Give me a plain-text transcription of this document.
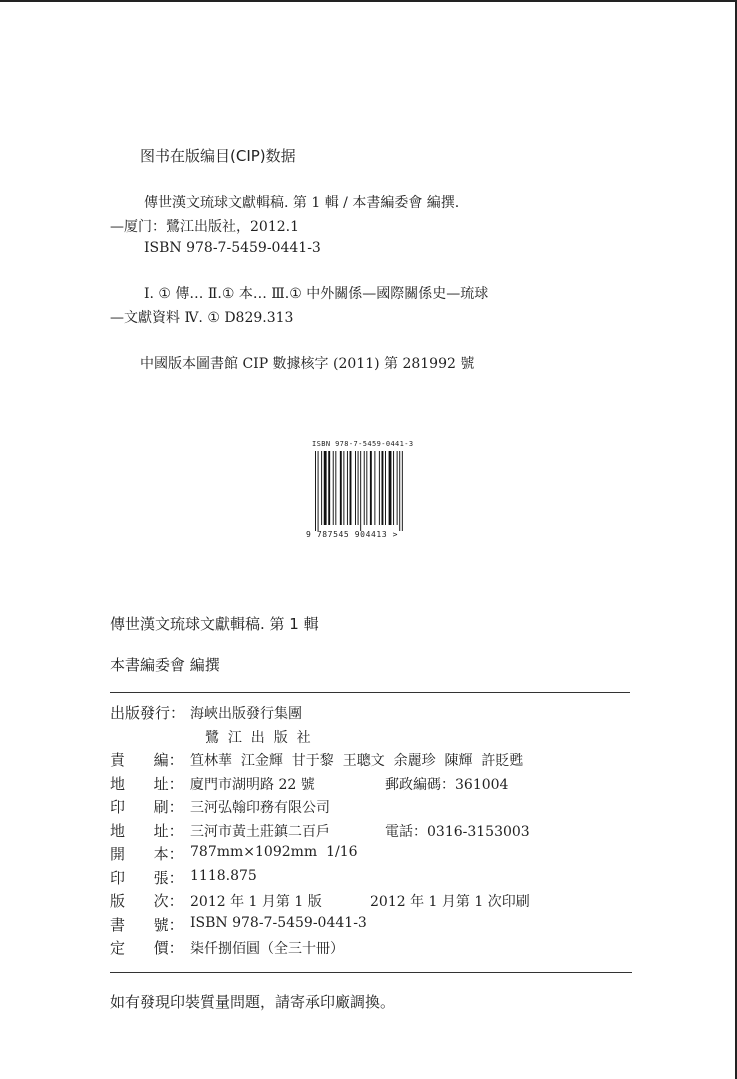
图书在版编目(CIP)数据
傳世漢文琉球文獻輯稿. 第 1 輯 / 本書編委會 編撰.
—厦门：鷺江出版社，2012.1
ISBN 978-7-5459-0441-3
Ⅰ. ① 傳… Ⅱ.① 本… Ⅲ.① 中外關係—國際關係史—琉球
—文獻資料 Ⅳ. ① D829.313
中國版本圖書館 CIP 數據核字 (2011) 第 281992 號
ISBN 978-7-5459-0441-3
9 787545 904413 >
傳世漢文琉球文獻輯稿. 第 1 輯
本書編委會 編撰
出版發行： 海峽出版發行集團
鷺  江  出  版  社
責      編： 笪林華  江金輝  甘于黎  王聰文  余麗珍  陳輝  許貶甦
地      址： 廈門市湖明路 22 號	郵政編碼：361004
印      刷： 三河弘翰印務有限公司
地      址： 三河市黃土莊鎮二百戶	電話：0316-3153003
開      本： 787mm×1092mm  1/16
印      張： 1118.875
版      次： 2012 年 1 月第 1 版	2012 年 1 月第 1 次印刷
書      號： ISBN 978-7-5459-0441-3
定      價： 柒仟捌佰圓（全三十冊）
如有發現印裝質量問題，請寄承印廠調換。
